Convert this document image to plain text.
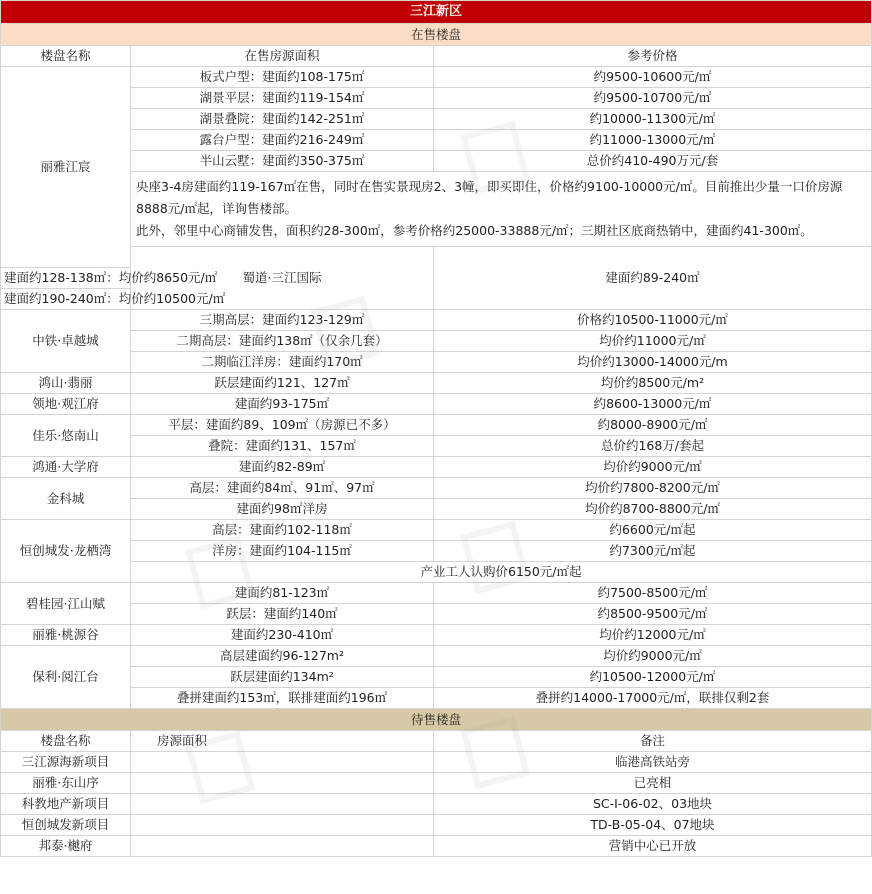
三江新区			
在售楼盘			
楼盘名称	在售房源面积	参考价格	
丽雅江宸	板式户型：建面约108-175㎡	约9500-10600元/㎡	
	湖景平层：建面约119-154㎡	约9500-10700元/㎡	
	湖景叠院：建面约142-251㎡	约10000-11300元/㎡	
	露台户型：建面约216-249㎡	约11000-13000元/㎡	
	半山云墅：建面约350-375㎡	总价约410-490万元/套	

	央座3-4房建面约119-167㎡在售，同时在售实景现房2、3幢，即买即住，价格约9100-10000元/㎡。目前推出少量一口价房源8888元/㎡起，详询售楼部。
此外，邻里中心商铺发售，面积约28-300㎡，参考价格约25000-33888元/㎡；三期社区底商热销中，建面约41-300㎡。		

	蜀道·三江国际	建面约89-240㎡	
建面约128-138㎡：均价约8650元/㎡			
建面约190-240㎡：均价约10500元/㎡			
中铁·卓越城	三期高层：建面约123-129㎡	价格约10500-11000元/㎡	
	二期高层：建面约138㎡（仅余几套）	均价约11000元/㎡	
	二期临江洋房：建面约170㎡	均价约13000-14000元/m	
鸿山·翡丽	跃层建面约121、127㎡	均价约8500元/m²	
领地·观江府	建面约93-175㎡	约8600-13000元/㎡	
佳乐·悠南山	平层：建面约89、109㎡（房源已不多）	约8000-8900元/㎡	
	叠院：建面约131、157㎡	总价约168万/套起	
鸿通·大学府	建面约82-89㎡	均价约9000元/㎡	
金科城	高层：建面约84㎡、91㎡、97㎡	均价约7800-8200元/㎡	
	建面约98㎡洋房	均价约8700-8800元/㎡	
恒创城发·龙栖湾	高层：建面约102-118㎡	约6600元/㎡起	
	洋房：建面约104-115㎡	约7300元/㎡起	
	产业工人认购价6150元/㎡起		
碧桂园·江山赋	建面约81-123㎡	约7500-8500元/㎡	
	跃层：建面约140㎡	约8500-9500元/㎡	
丽雅·桃源谷	建面约230-410㎡	均价约12000元/㎡	
保利·阅江台	高层建面约96-127m²	均价约9000元/㎡	
	跃层建面约134m²	约10500-12000元/㎡	
	叠拼建面约153㎡，联排建面约196㎡	叠拼约14000-17000元/㎡，联排仅剩2套	
待售楼盘			
楼盘名称	房源面积	备注	
三江源海新项目		临港高铁站旁	
丽雅·东山序		已亮相	
科教地产新项目		SC-I-06-02、03地块	
恒创城发新项目		TD-B-05-04、07地块	
邦泰·樾府		营销中心已开放	
